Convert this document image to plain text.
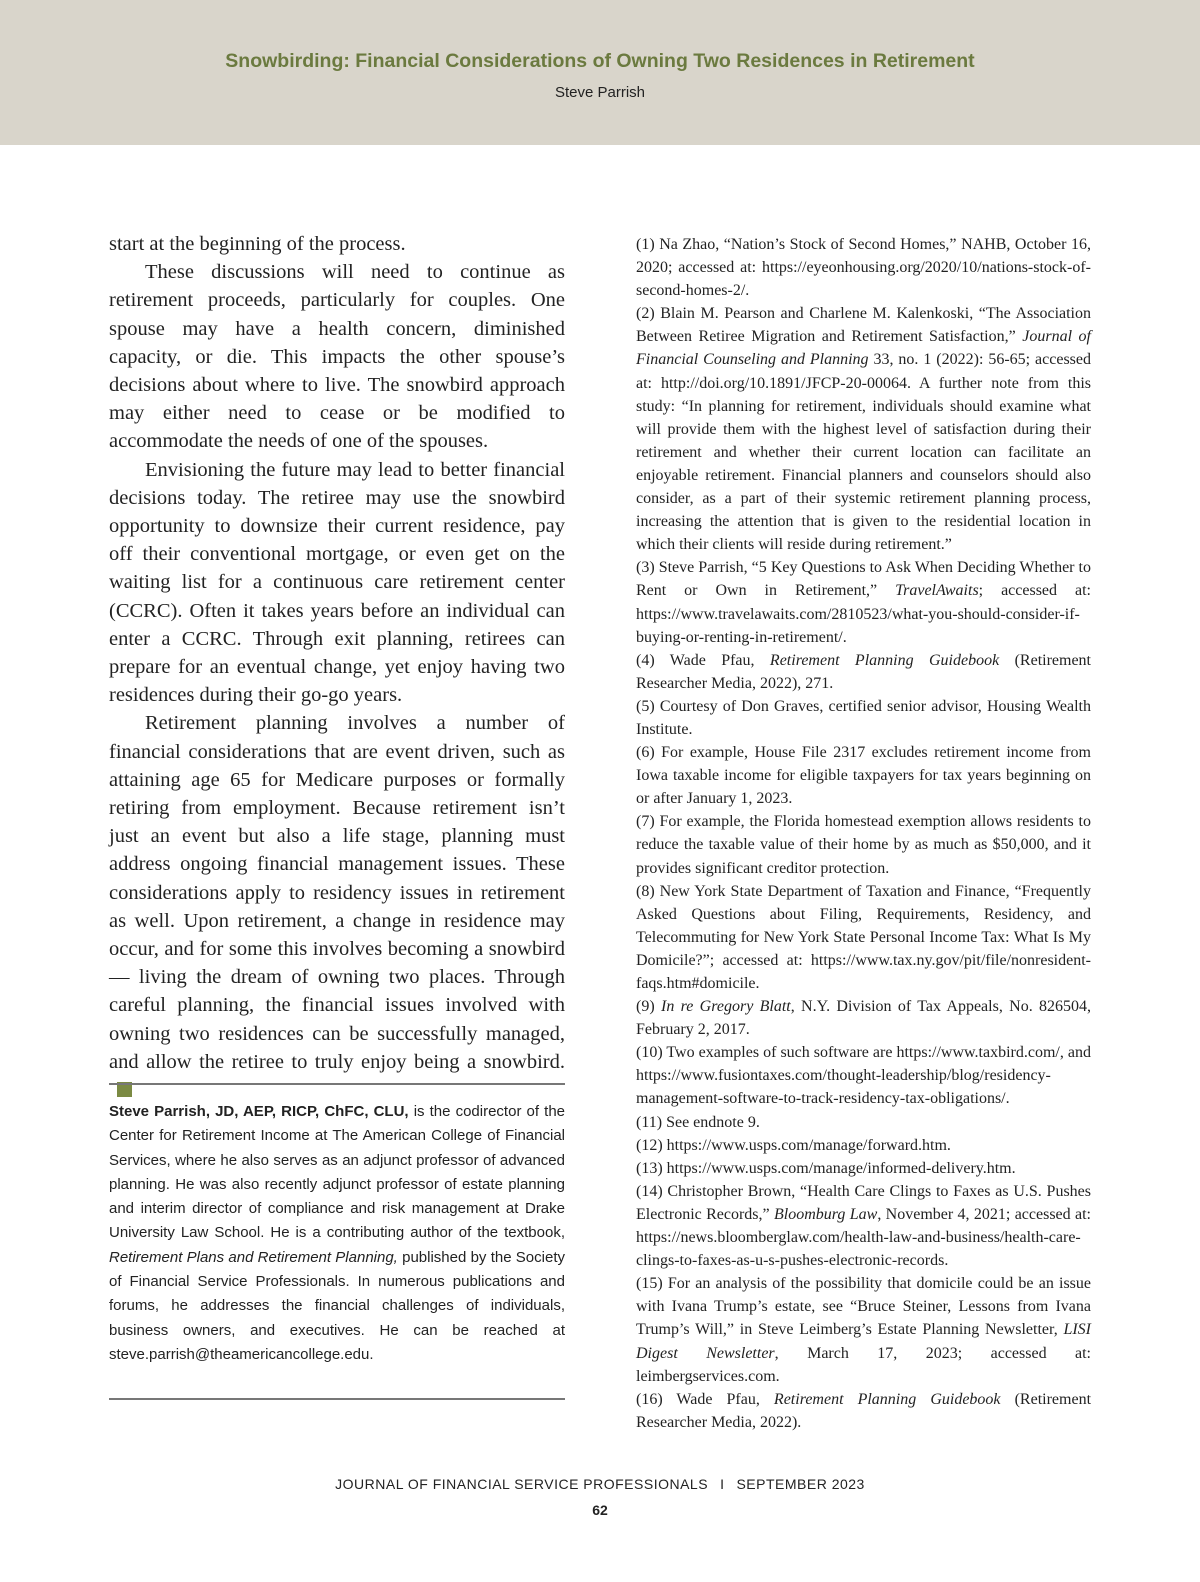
Snowbirding: Financial Considerations of Owning Two Residences in Retirement
Steve Parrish

start at the beginning of the process.

These discussions will need to continue as retirement proceeds, particularly for couples. One spouse may have a health concern, diminished capacity, or die. This impacts the other spouse’s decisions about where to live. The snowbird approach may either need to cease or be modified to accommodate the needs of one of the spouses.

Envisioning the future may lead to better financial decisions today. The retiree may use the snowbird opportunity to downsize their current residence, pay off their conventional mortgage, or even get on the waiting list for a continuous care retirement center (CCRC). Often it takes years before an individual can enter a CCRC. Through exit planning, retirees can prepare for an eventual change, yet enjoy having two residences during their go-go years.

Retirement planning involves a number of financial considerations that are event driven, such as attaining age 65 for Medicare purposes or formally retiring from employment. Because retirement isn’t just an event but also a life stage, planning must address ongoing financial management issues. These considerations apply to residency issues in retirement as well. Upon retirement, a change in residence may occur, and for some this involves becoming a snowbird— living the dream of owning two places. Through careful planning, the financial issues involved with owning two residences can be successfully managed, and allow the retiree to truly enjoy being a snowbird.

Steve Parrish, JD, AEP, RICP, ChFC, CLU, is the codirector of the Center for Retirement Income at The American College of Financial Services, where he also serves as an adjunct professor of advanced planning. He was also recently adjunct professor of estate planning and interim director of compliance and risk management at Drake University Law School. He is a contributing author of the textbook, Retirement Plans and Retirement Planning, published by the Society of Financial Service Professionals. In numerous publications and forums, he addresses the financial challenges of individuals, business owners, and executives. He can be reached at steve.parrish@theamericancollege.edu.

(1) Na Zhao, “Nation’s Stock of Second Homes,” NAHB, October 16, 2020; accessed at: https://eyeonhousing.org/2020/10/nations-stock-of-second-homes-2/.

(2) Blain M. Pearson and Charlene M. Kalenkoski, “The Association Between Retiree Migration and Retirement Satisfaction,” Journal of Financial Counseling and Planning 33, no. 1 (2022): 56-65; accessed at: http://doi.org/10.1891/JFCP-20-00064. A further note from this study: “In planning for retirement, individuals should examine what will provide them with the highest level of satisfaction during their retirement and whether their current location can facilitate an enjoyable retirement. Financial planners and counselors should also consider, as a part of their systemic retirement planning process, increasing the attention that is given to the residential location in which their clients will reside during retirement.”

(3) Steve Parrish, “5 Key Questions to Ask When Deciding Whether to Rent or Own in Retirement,” TravelAwaits; accessed at: https://www.travelawaits.com/2810523/what-you-should-consider-if-buying-or-renting-in-retirement/.

(4) Wade Pfau, Retirement Planning Guidebook (Retirement Researcher Media, 2022), 271.

(5) Courtesy of Don Graves, certified senior advisor, Housing Wealth Institute.

(6) For example, House File 2317 excludes retirement income from Iowa taxable income for eligible taxpayers for tax years beginning on or after January 1, 2023.

(7) For example, the Florida homestead exemption allows residents to reduce the taxable value of their home by as much as $50,000, and it provides significant creditor protection.

(8) New York State Department of Taxation and Finance, “Frequently Asked Questions about Filing, Requirements, Residency, and Telecommuting for New York State Personal Income Tax: What Is My Domicile?”; accessed at: https://www.tax.ny.gov/pit/file/nonresident-faqs.htm#domicile.

(9) In re Gregory Blatt, N.Y. Division of Tax Appeals, No. 826504, February 2, 2017.

(10) Two examples of such software are https://www.taxbird.com/, and https://www.fusiontaxes.com/thought-leadership/blog/residency-management-software-to-track-residency-tax-obligations/.

(11) See endnote 9.

(12) https://www.usps.com/manage/forward.htm.

(13) https://www.usps.com/manage/informed-delivery.htm.

(14) Christopher Brown, “Health Care Clings to Faxes as U.S. Pushes Electronic Records,” Bloomburg Law, November 4, 2021; accessed at: https://news.bloomberglaw.com/health-law-and-business/health-care-clings-to-faxes-as-u-s-pushes-electronic-records.

(15) For an analysis of the possibility that domicile could be an issue with Ivana Trump’s estate, see “Bruce Steiner, Lessons from Ivana Trump’s Will,” in Steve Leimberg’s Estate Planning Newsletter, LISI Digest Newsletter, March 17, 2023; accessed at: leimbergservices.com.

(16) Wade Pfau, Retirement Planning Guidebook (Retirement Researcher Media, 2022).

JOURNAL OF FINANCIAL SERVICE PROFESSIONALS I SEPTEMBER 2023
62
